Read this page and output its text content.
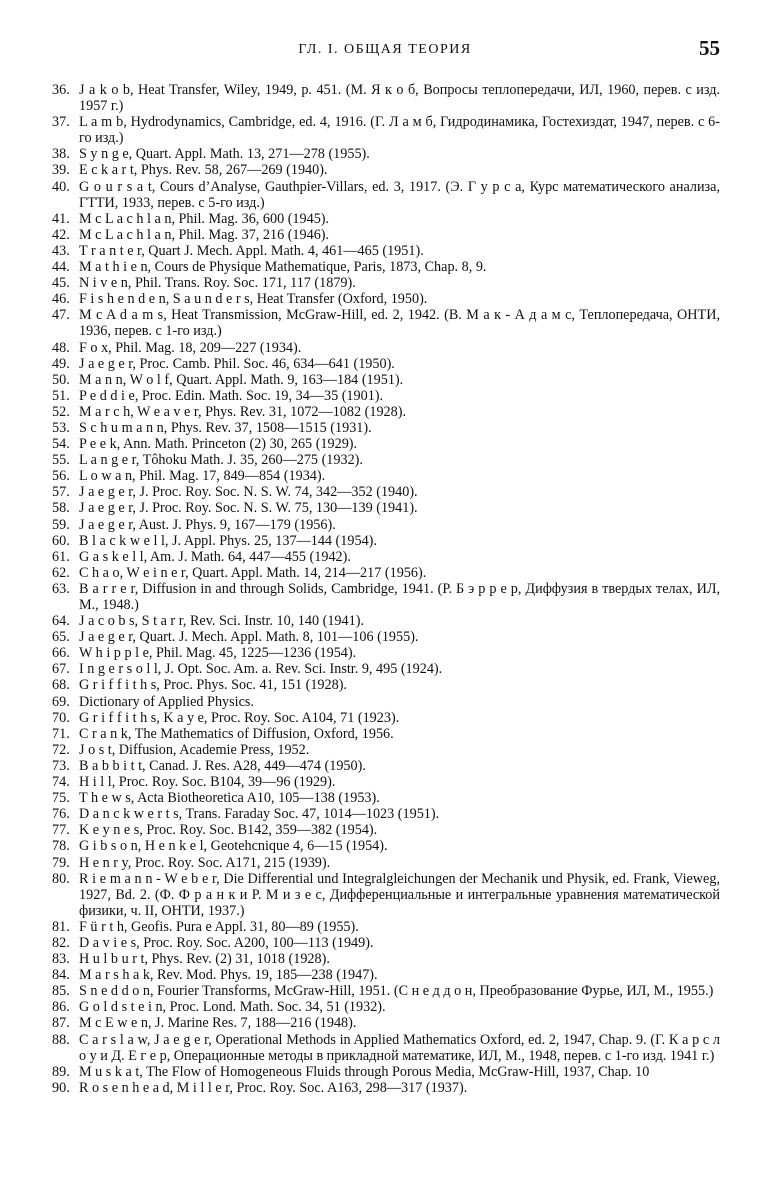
ГЛ. I. ОБЩАЯ ТЕОРИЯ	55
36. J a k o b, Heat Transfer, Wiley, 1949, p. 451. (М. Я к о б, Вопросы теплопередачи, ИЛ, 1960, перев. с изд. 1957 г.)
37. L a m b, Hydrodynamics, Cambridge, ed. 4, 1916. (Г. Л а м б, Гидродинамика, Гостехиздат, 1947, перев. с 6-го изд.)
38. S y n g e, Quart. Appl. Math. 13, 271—278 (1955).
39. E c k a r t, Phys. Rev. 58, 267—269 (1940).
40. G o u r s a t, Cours d’Analyse, Gauthpier-Villars, ed. 3, 1917. (Э. Г у р с а, Курс математического анализа, ГТТИ, 1933, перев. с 5-го изд.)
41. M c L a c h l a n, Phil. Mag. 36, 600 (1945).
42. M c L a c h l a n, Phil. Mag. 37, 216 (1946).
43. T r a n t e r, Quart J. Mech. Appl. Math. 4, 461—465 (1951).
44. M a t h i e n, Cours de Physique Mathematique, Paris, 1873, Chap. 8, 9.
45. N i v e n, Phil. Trans. Roy. Soc. 171, 117 (1879).
46. F i s h e n d e n, S a u n d e r s, Heat Transfer (Oxford, 1950).
47. M c A d a m s, Heat Transmission, McGraw-Hill, ed. 2, 1942. (В. М а к - А д а м с, Теплопередача, ОНТИ, 1936, перев. с 1-го изд.)
48. F o x, Phil. Mag. 18, 209—227 (1934).
49. J a e g e r, Proc. Camb. Phil. Soc. 46, 634—641 (1950).
50. M a n n, W o l f, Quart. Appl. Math. 9, 163—184 (1951).
51. P e d d i e, Proc. Edin. Math. Soc. 19, 34—35 (1901).
52. M a r c h, W e a v e r, Phys. Rev. 31, 1072—1082 (1928).
53. S c h u m a n n, Phys. Rev. 37, 1508—1515 (1931).
54. P e e k, Ann. Math. Princeton (2) 30, 265 (1929).
55. L a n g e r, Tôhoku Math. J. 35, 260—275 (1932).
56. L o w a n, Phil. Mag. 17, 849—854 (1934).
57. J a e g e r, J. Proc. Roy. Soc. N. S. W. 74, 342—352 (1940).
58. J a e g e r, J. Proc. Roy. Soc. N. S. W. 75, 130—139 (1941).
59. J a e g e r, Aust. J. Phys. 9, 167—179 (1956).
60. B l a c k w e l l, J. Appl. Phys. 25, 137—144 (1954).
61. G a s k e l l, Am. J. Math. 64, 447—455 (1942).
62. C h a o, W e i n e r, Quart. Appl. Math. 14, 214—217 (1956).
63. B a r r e r, Diffusion in and through Solids, Cambridge, 1941. (Р. Б э р р е р, Диффузия в твердых телах, ИЛ, М., 1948.)
64. J a c o b s, S t a r r, Rev. Sci. Instr. 10, 140 (1941).
65. J a e g e r, Quart. J. Mech. Appl. Math. 8, 101—106 (1955).
66. W h i p p l e, Phil. Mag. 45, 1225—1236 (1954).
67. I n g e r s o l l, J. Opt. Soc. Am. a. Rev. Sci. Instr. 9, 495 (1924).
68. G r i f f i t h s, Proc. Phys. Soc. 41, 151 (1928).
69. Dictionary of Applied Physics.
70. G r i f f i t h s, K a y e, Proc. Roy. Soc. A104, 71 (1923).
71. C r a n k, The Mathematics of Diffusion, Oxford, 1956.
72. J o s t, Diffusion, Academie Press, 1952.
73. B a b b i t t, Canad. J. Res. A28, 449—474 (1950).
74. H i l l, Proc. Roy. Soc. B104, 39—96 (1929).
75. T h e w s, Acta Biotheoretica A10, 105—138 (1953).
76. D a n c k w e r t s, Trans. Faraday Soc. 47, 1014—1023 (1951).
77. K e y n e s, Proc. Roy. Soc. B142, 359—382 (1954).
78. G i b s o n, H e n k e l, Geotehcnique 4, 6—15 (1954).
79. H e n r y, Proc. Roy. Soc. A171, 215 (1939).
80. R i e m a n n - W e b e r, Die Differential und Integralgleichungen der Mechanik und Physik, ed. Frank, Vieweg, 1927, Bd. 2. (Ф. Ф р а н к и Р. М и з е с, Дифференциальные и интегральные уравнения математической физики, ч. II, ОНТИ, 1937.)
81. F ü r t h, Geofis. Pura e Appl. 31, 80—89 (1955).
82. D a v i e s, Proc. Roy. Soc. A200, 100—113 (1949).
83. H u l b u r t, Phys. Rev. (2) 31, 1018 (1928).
84. M a r s h a k, Rev. Mod. Phys. 19, 185—238 (1947).
85. S n e d d o n, Fourier Transforms, McGraw-Hill, 1951. (С н е д д о н, Преобразование Фурье, ИЛ, М., 1955.)
86. G o l d s t e i n, Proc. Lond. Math. Soc. 34, 51 (1932).
87. M c E w e n, J. Marine Res. 7, 188—216 (1948).
88. C a r s l a w, J a e g e r, Operational Methods in Applied Mathematics Oxford, ed. 2, 1947, Chap. 9. (Г. К а р с л о у и Д. Е г е р, Операционные методы в прикладной математике, ИЛ, М., 1948, перев. с 1-го изд. 1941 г.)
89. M u s k a t, The Flow of Homogeneous Fluids through Porous Media, McGraw-Hill, 1937, Chap. 10
90. R o s e n h e a d, M i l l e r, Proc. Roy. Soc. A163, 298—317 (1937).
